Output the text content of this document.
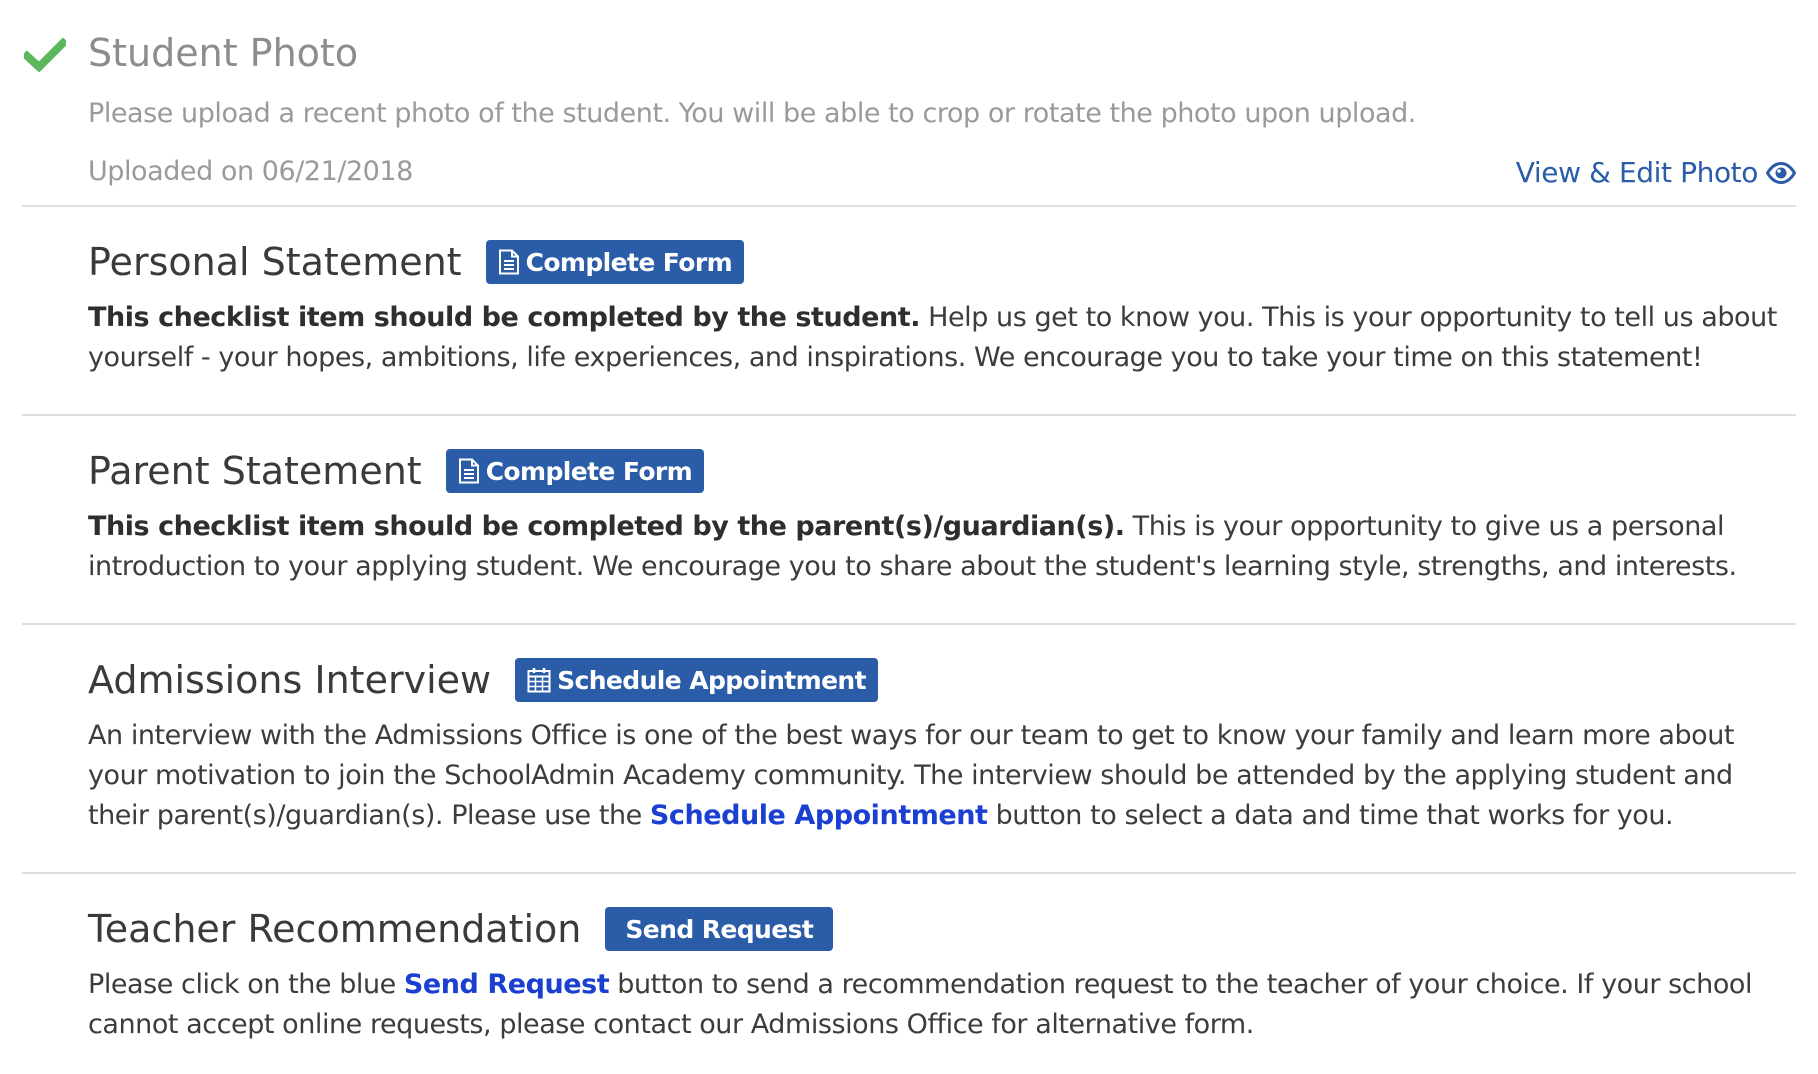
Student Photo
Please upload a recent photo of the student. You will be able to crop or rotate the photo upon upload.
Uploaded on 06/21/2018	View & Edit Photo
Personal Statement	Complete Form
This checklist item should be completed by the student. Help us get to know you. This is your opportunity to tell us about yourself - your hopes, ambitions, life experiences, and inspirations. We encourage you to take your time on this statement!
Parent Statement	Complete Form
This checklist item should be completed by the parent(s)/guardian(s). This is your opportunity to give us a personal introduction to your applying student. We encourage you to share about the student's learning style, strengths, and interests.
Admissions Interview	Schedule Appointment
An interview with the Admissions Office is one of the best ways for our team to get to know your family and learn more about your motivation to join the SchoolAdmin Academy community. The interview should be attended by the applying student and their parent(s)/guardian(s). Please use the Schedule Appointment button to select a data and time that works for you.
Teacher Recommendation Send Request
Please click on the blue Send Request button to send a recommendation request to the teacher of your choice. If your school cannot accept online requests, please contact our Admissions Office for alternative form.
